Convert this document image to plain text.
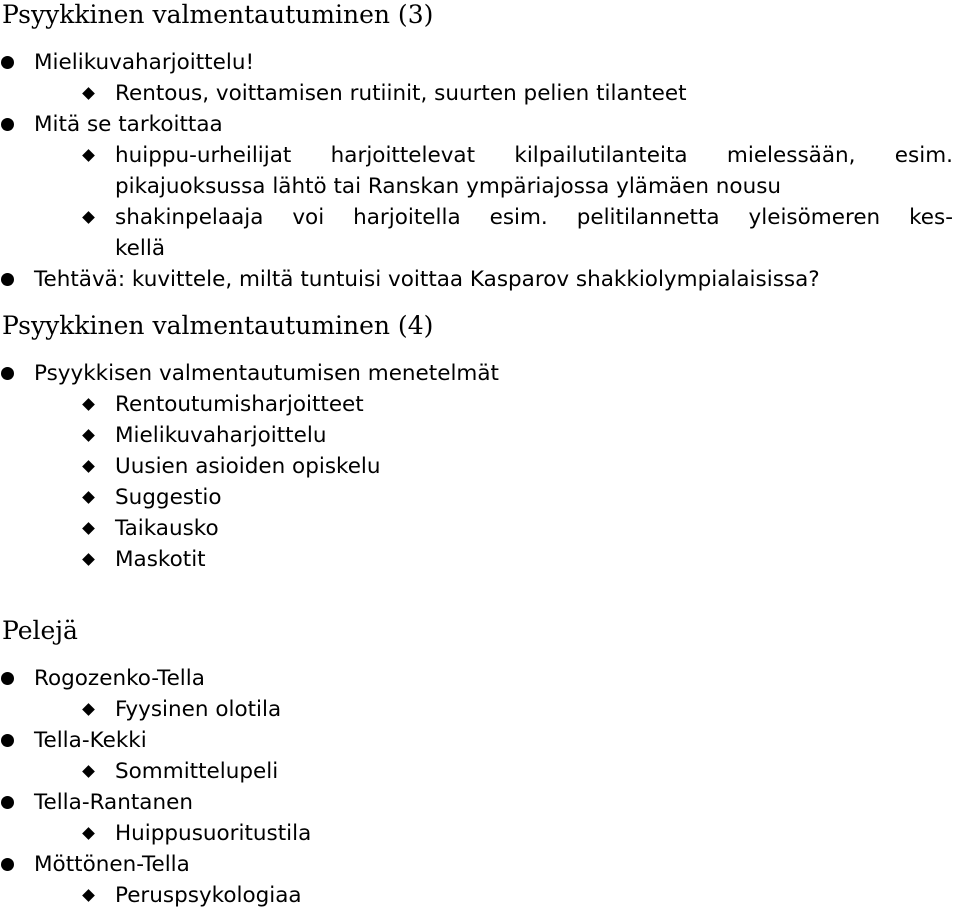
Psyykkinen valmentautuminen (3)
Mielikuvaharjoittelu!
Rentous, voittamisen rutiinit, suurten pelien tilanteet
Mitä se tarkoittaa
huippu-urheilijat harjoittelevat kilpailutilanteita mielessään, esim.
pikajuoksussa lähtö tai Ranskan ympäriajossa ylämäen nousu
shakinpelaaja voi harjoitella esim. pelitilannetta yleisömeren kes-
kellä
Tehtävä: kuvittele, miltä tuntuisi voittaa Kasparov shakkiolympialaisissa?
Psyykkinen valmentautuminen (4)
Psyykkisen valmentautumisen menetelmät
Rentoutumisharjoitteet
Mielikuvaharjoittelu
Uusien asioiden opiskelu
Suggestio
Taikausko
Maskotit
Pelejä
Rogozenko-Tella
Fyysinen olotila
Tella-Kekki
Sommittelupeli
Tella-Rantanen
Huippusuoritustila
Möttönen-Tella
Peruspsykologiaa
